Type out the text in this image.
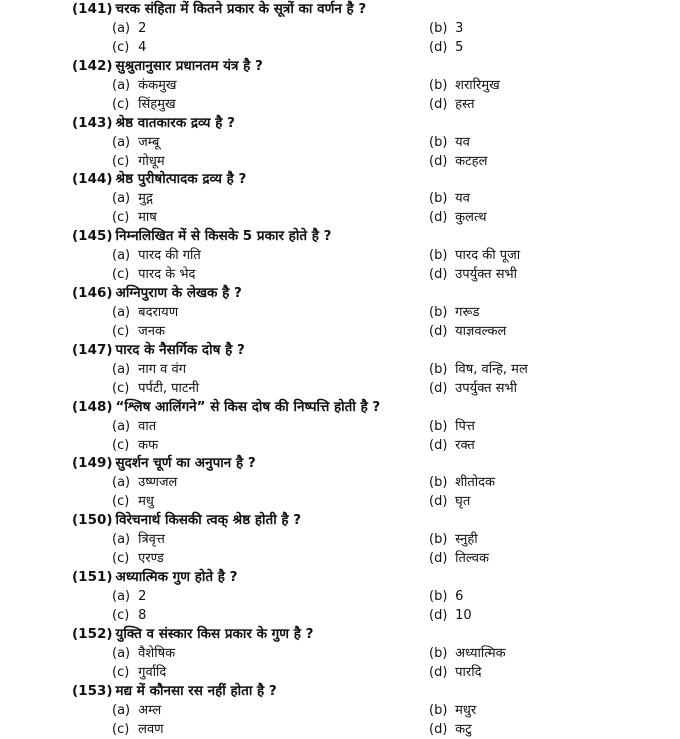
(141) चरक संहिता में कितने प्रकार के सूत्रों का वर्णन है ?
(a) 2	(b) 3
(c) 4	(d) 5
(142) सुश्रुतानुसार प्रधानतम यंत्र है ?
(a) कंकमुख	(b) शरारिमुख
(c) सिंहमुख	(d) हस्त
(143) श्रेष्ठ वातकारक द्रव्य है ?
(a) जम्बू	(b) यव
(c) गोधूम	(d) कटहल
(144) श्रेष्ठ पुरीषोत्पादक द्रव्य है ?
(a) मुद्ग	(b) यव
(c) माष	(d) कुलत्थ
(145) निम्नलिखित में से किसके 5 प्रकार होते है ?
(a) पारद की गति	(b) पारद की पूजा
(c) पारद के भेद	(d) उपर्युक्त सभी
(146) अग्निपुराण के लेखक है ?
(a) बदरायण	(b) गरूड
(c) जनक	(d) याज्ञवल्कल
(147) पारद के नैसर्गिक दोष है ?
(a) नाग व वंग	(b) विष, वन्हि, मल
(c) पर्पटी, पाटनी	(d) उपर्युक्त सभी
(148) “श्लिष आलिंगने” से किस दोष की निष्पत्ति होती है ?
(a) वात	(b) पित्त
(c) कफ	(d) रक्त
(149) सुदर्शन चूर्ण का अनुपान है ?
(a) उष्णजल	(b) शीतोदक
(c) मधु	(d) घृत
(150) विरेचनार्थ किसकी त्वक् श्रेष्ठ होती है ?
(a) त्रिवृत्त	(b) स्नुही
(c) एरण्ड	(d) तिल्वक
(151) अध्यात्मिक गुण होते है ?
(a) 2	(b) 6
(c) 8	(d) 10
(152) युक्ति व संस्कार किस प्रकार के गुण है ?
(a) वैशेषिक	(b) अध्यात्मिक
(c) गुर्वादि	(d) पारदि
(153) मद्य में कौनसा रस नहीं होता है ?
(a) अम्ल	(b) मधुर
(c) लवण	(d) कटु
